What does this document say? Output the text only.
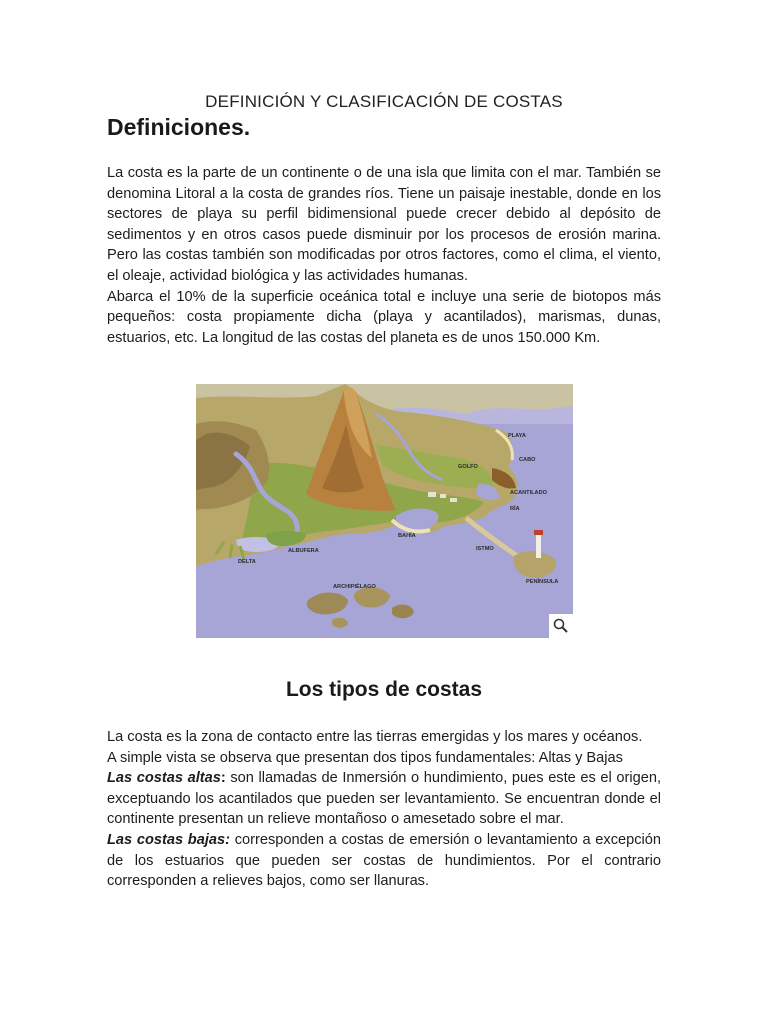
DEFINICIÓN Y CLASIFICACIÓN DE COSTAS
Definiciones.

La costa es la parte de un continente o de una isla que limita con el mar. También se denomina Litoral a la costa de grandes ríos. Tiene un paisaje inestable, donde en los sectores de playa su perfil bidimensional puede crecer debido al depósito de sedimentos y en otros casos puede disminuir por los procesos de erosión marina. Pero las costas también son modificadas por otros factores, como el clima, el viento, el oleaje, actividad biológica y las actividades humanas.

Abarca el 10% de la superficie oceánica total e incluye una serie de biotopos más pequeños: costa propiamente dicha (playa y acantilados), marismas, dunas, estuarios, etc. La longitud de las costas del planeta es de unos 150.000 Km.

PLAYA
CABO
GOLFO
ACANTILADO
RÍA
BAHÍA
ISTMO
ALBUFERA
DELTA
PENÍNSULA
ARCHIPIÉLAGO
Los tipos de costas

La costa es la zona de contacto entre las tierras emergidas y los mares y océanos.

A simple vista se observa que presentan dos tipos fundamentales: Altas y Bajas

Las costas altas: son llamadas de Inmersión o hundimiento, pues este es el origen, exceptuando los acantilados que pueden ser levantamiento. Se encuentran donde el continente presentan un relieve montañoso o amesetado sobre el mar.

Las costas bajas: corresponden a costas de emersión o levantamiento a excepción de los estuarios que pueden ser costas de hundimientos. Por el contrario corresponden a relieves bajos, como ser llanuras.
